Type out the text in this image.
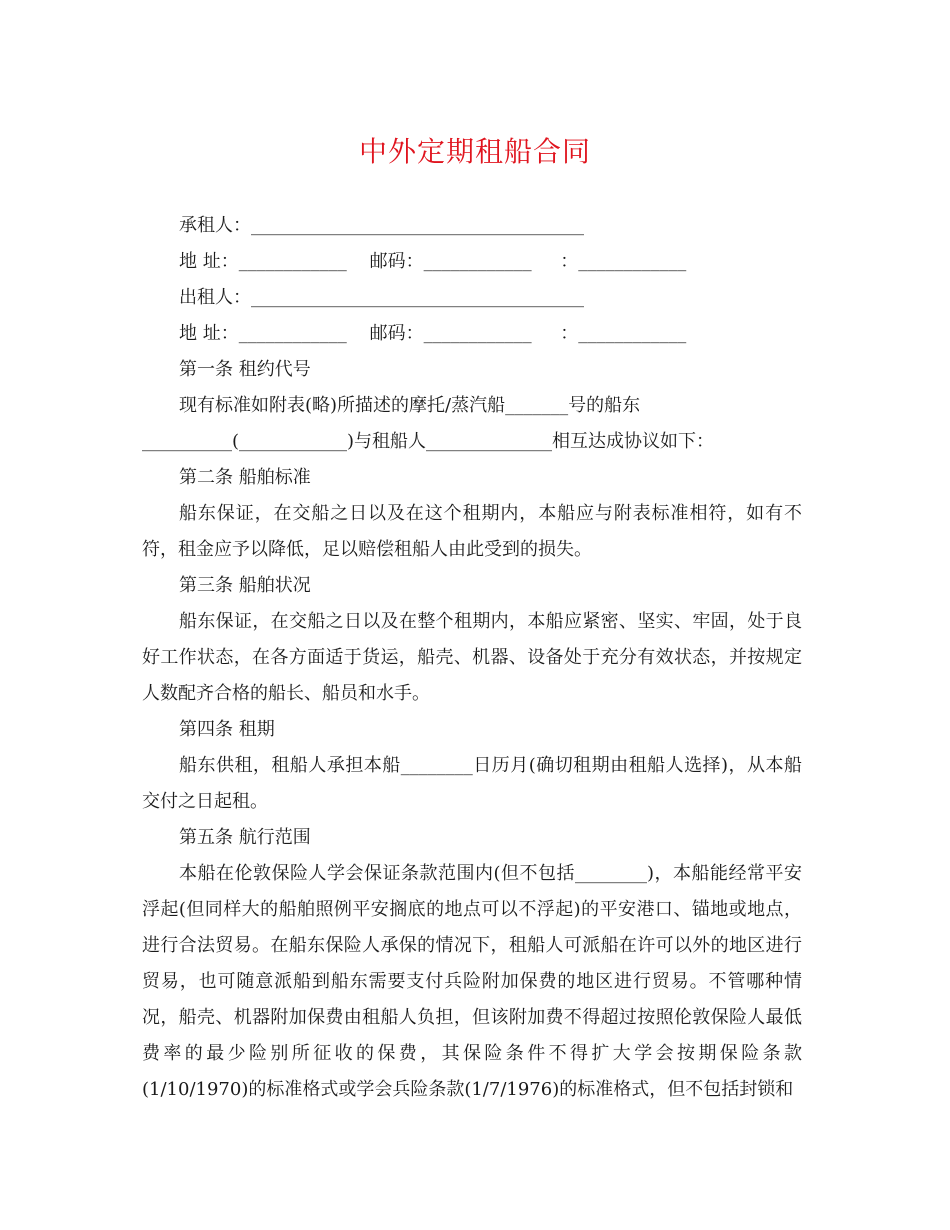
中外定期租船合同
承租人：_____________________________________
地 址：____________    邮码：____________     ：____________
出租人：_____________________________________
地 址：____________    邮码：____________     ：____________
第一条 租约代号
现有标准如附表(略)所描述的摩托/蒸汽船_______号的船东
__________(____________)与租船人______________相互达成协议如下：
第二条 船舶标准
船东保证，在交船之日以及在这个租期内，本船应与附表标准相符，如有不符，租金应予以降低，足以赔偿租船人由此受到的损失。
第三条 船舶状况
船东保证，在交船之日以及在整个租期内，本船应紧密、坚实、牢固，处于良好工作状态，在各方面适于货运，船壳、机器、设备处于充分有效状态，并按规定人数配齐合格的船长、船员和水手。
第四条 租期
船东供租，租船人承担本船________日历月(确切租期由租船人选择)，从本船交付之日起租。
第五条 航行范围
本船在伦敦保险人学会保证条款范围内(但不包括________)，本船能经常平安浮起(但同样大的船舶照例平安搁底的地点可以不浮起)的平安港口、锚地或地点，进行合法贸易。在船东保险人承保的情况下，租船人可派船在许可以外的地区进行贸易，也可随意派船到船东需要支付兵险附加保费的地区进行贸易。不管哪种情况，船壳、机器附加保费由租船人负担，但该附加费不得超过按照伦敦保险人最低费率的最少险别所征收的保费，其保险条件不得扩大学会按期保险条款(1/10/1970)的标准格式或学会兵险条款(1/7/1976)的标准格式，但不包括封锁和
